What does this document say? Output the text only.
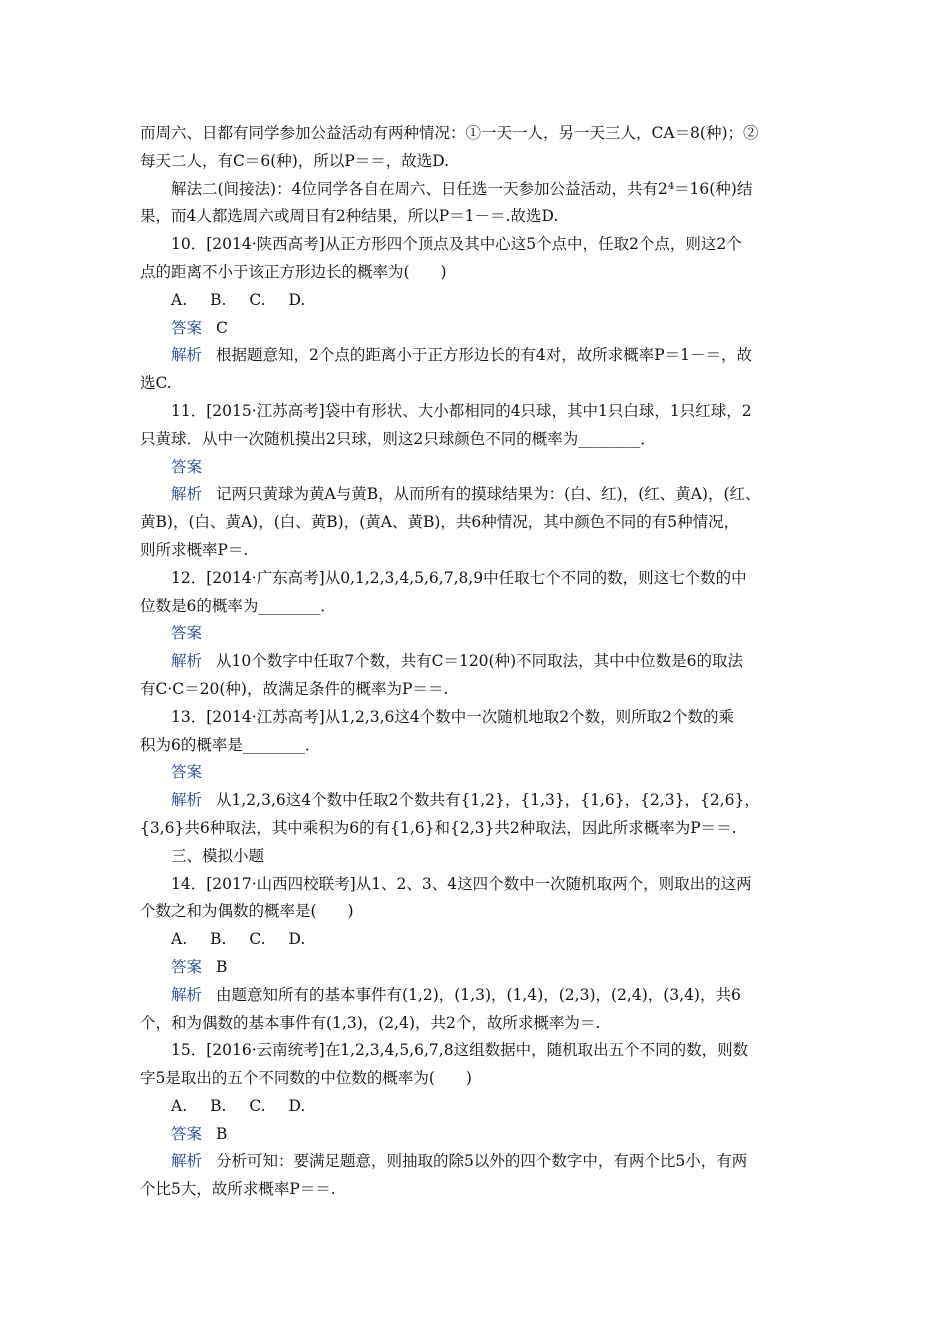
而周六、日都有同学参加公益活动有两种情况：①一天一人，另一天三人，CA＝8(种)；②
每天二人，有C＝6(种)，所以P＝＝，故选D.
解法二(间接法)：4位同学各自在周六、日任选一天参加公益活动，共有2⁴＝16(种)结
果，而4人都选周六或周日有2种结果，所以P＝1－＝.故选D.
10．[2014·陕西高考]从正方形四个顶点及其中心这5个点中，任取2个点，则这2个
点的距离不小于该正方形边长的概率为(　　)
A. B. C. D.
答案 C
解析 根据题意知，2个点的距离小于正方形边长的有4对，故所求概率P＝1－＝，故
选C.
11．[2015·江苏高考]袋中有形状、大小都相同的4只球，其中1只白球，1只红球，2
只黄球．从中一次随机摸出2只球，则这2只球颜色不同的概率为________．
答案
解析 记两只黄球为黄A与黄B，从而所有的摸球结果为：(白、红)，(红、黄A)，(红、
黄B)，(白、黄A)，(白、黄B)，(黄A、黄B)，共6种情况，其中颜色不同的有5种情况，
则所求概率P＝.
12．[2014·广东高考]从0,1,2,3,4,5,6,7,8,9中任取七个不同的数，则这七个数的中
位数是6的概率为________．
答案
解析 从10个数字中任取7个数，共有C＝120(种)不同取法，其中中位数是6的取法
有C·C＝20(种)，故满足条件的概率为P＝＝.
13．[2014·江苏高考]从1,2,3,6这4个数中一次随机地取2个数，则所取2个数的乘
积为6的概率是________．
答案
解析 从1,2,3,6这4个数中任取2个数共有{1,2}，{1,3}，{1,6}，{2,3}，{2,6}，
{3,6}共6种取法，其中乘积为6的有{1,6}和{2,3}共2种取法，因此所求概率为P＝＝.
三、模拟小题
14．[2017·山西四校联考]从1、2、3、4这四个数中一次随机取两个，则取出的这两
个数之和为偶数的概率是(　　)
A. B. C. D.
答案 B
解析 由题意知所有的基本事件有(1,2)，(1,3)，(1,4)，(2,3)，(2,4)，(3,4)，共6
个，和为偶数的基本事件有(1,3)，(2,4)，共2个，故所求概率为＝.
15．[2016·云南统考]在1,2,3,4,5,6,7,8这组数据中，随机取出五个不同的数，则数
字5是取出的五个不同数的中位数的概率为(　　)
A. B. C. D.
答案 B
解析 分析可知：要满足题意，则抽取的除5以外的四个数字中，有两个比5小，有两
个比5大，故所求概率P＝＝.
